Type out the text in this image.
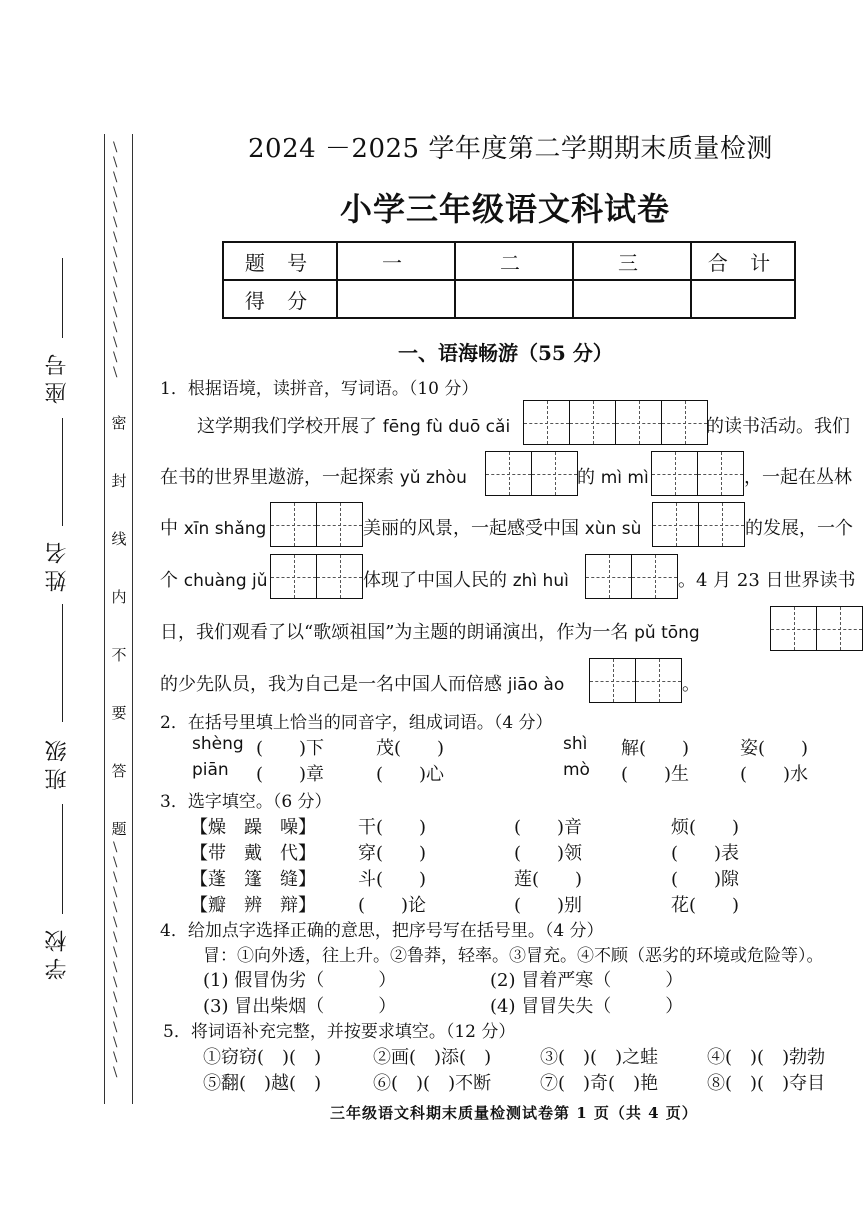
座号
姓名
班级
学校
\
\
\
\
\
\
\
\
\
\
\
\
\
\
\
\
密
封
线
内
不
要
答
题
\
\
\
\
\
\
\
\
\
\
\
\
\
\
\
\
2024 －2025 学年度第二学期期末质量检测
小学三年级语文科试卷
题 号	一	二	三	合 计
得 分				
一、语海畅游（55 分）
1．根据语境，读拼音，写词语。（10 分）
这学期我们学校开展了 fēng fù duō cǎi	的读书活动。我们
在书的世界里遨游，一起探索 yǔ zhòu	的 mì mì	，一起在丛林
中 xīn shǎng	美丽的风景，一起感受中国 xùn sù	的发展，一个
个 chuàng jǔ	体现了中国人民的 zhì huì	。4 月 23 日世界读书
日，我们观看了以“歌颂祖国”为主题的朗诵演出，作为一名 pǔ tōng
的少先队员，我为自己是一名中国人而倍感 jiāo ào	。
2．在括号里填上恰当的同音字，组成词语。（4 分）
shèng (　　)下	茂(　　)	shì 解(　　)	姿(　　)
piān (　　)章	(　　)心	mò (　　)生	(　　)水
3．选字填空。（6 分）
【燥　躁　噪】 干(　　)	(　　)音	烦(　　)
【带　戴　代】 穿(　　)	(　　)领	(　　)表
【蓬　篷　缝】 斗(　　)	莲(　　)	(　　)隙
【瓣　辨　辩】 (　　)论	(　　)别	花(　　)
4．给加点字选择正确的意思，把序号写在括号里。（4 分）
冒：①向外透，往上升。②鲁莽，轻率。③冒充。④不顾（恶劣的环境或危险等）。
(1) 假冒伪劣（　　　）	(2) 冒着严寒（　　　）
(3) 冒出柴烟（　　　）	(4) 冒冒失失（　　　）
5．将词语补充完整，并按要求填空。（12 分）
①窃窃(　)(　)	②画(　)添(　)	③(　)(　)之蛙	④(　)(　)勃勃
⑤翻(　)越(　)	⑥(　)(　)不断	⑦(　)奇(　)艳	⑧(　)(　)夺目
三年级语文科期末质量检测试卷第 1 页（共 4 页）
